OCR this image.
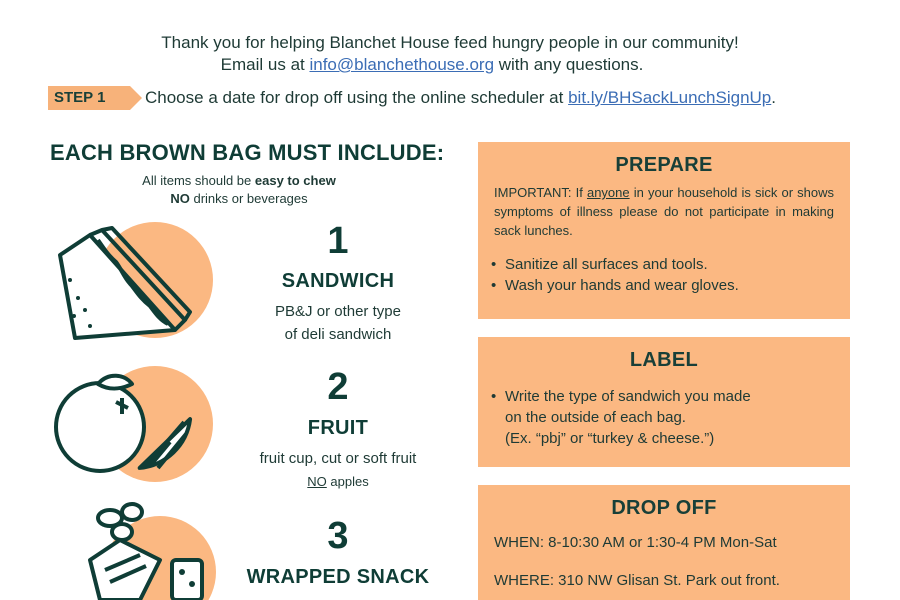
Thank you for helping Blanchet House feed hungry people in our community!
Email us at info@blanchethouse.org with any questions.
STEP 1 Choose a date for drop off using the online scheduler at bit.ly/BHSackLunchSignUp.
EACH BROWN BAG MUST INCLUDE:
All items should be easy to chew
NO drinks or beverages
1
SANDWICH
PB&J or other type
of deli sandwich
2
FRUIT
fruit cup, cut or soft fruit
NO apples
3
WRAPPED SNACK
PREPARE
IMPORTANT: If anyone in your household is sick or shows symptoms of illness please do not participate in making sack lunches.
• Sanitize all surfaces and tools.
• Wash your hands and wear gloves.
LABEL
• Write the type of sandwich you made
on the outside of each bag.
(Ex. “pbj” or “turkey & cheese.”)
DROP OFF
WHEN: 8-10:30 AM or 1:30-4 PM Mon-Sat
WHERE: 310 NW Glisan St. Park out front.
